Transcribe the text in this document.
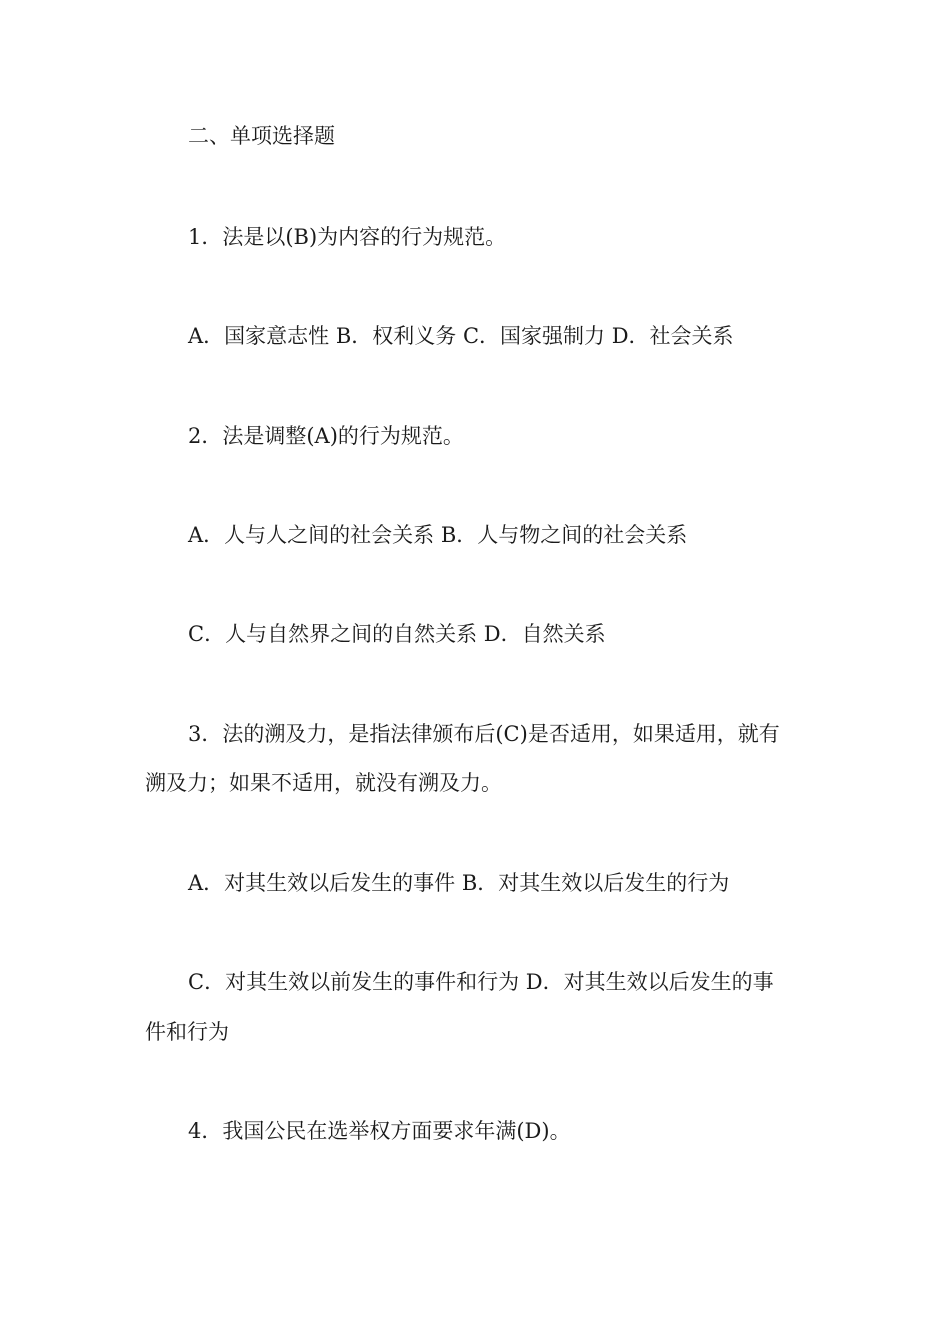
二、单项选择题
1．法是以(B)为内容的行为规范。
A．国家意志性 B．权利义务 C．国家强制力 D．社会关系
2．法是调整(A)的行为规范。
A．人与人之间的社会关系 B．人与物之间的社会关系
C．人与自然界之间的自然关系 D．自然关系
3．法的溯及力，是指法律颁布后(C)是否适用，如果适用，就有
溯及力；如果不适用，就没有溯及力。
A．对其生效以后发生的事件 B．对其生效以后发生的行为
C．对其生效以前发生的事件和行为 D．对其生效以后发生的事
件和行为
4．我国公民在选举权方面要求年满(D)。
